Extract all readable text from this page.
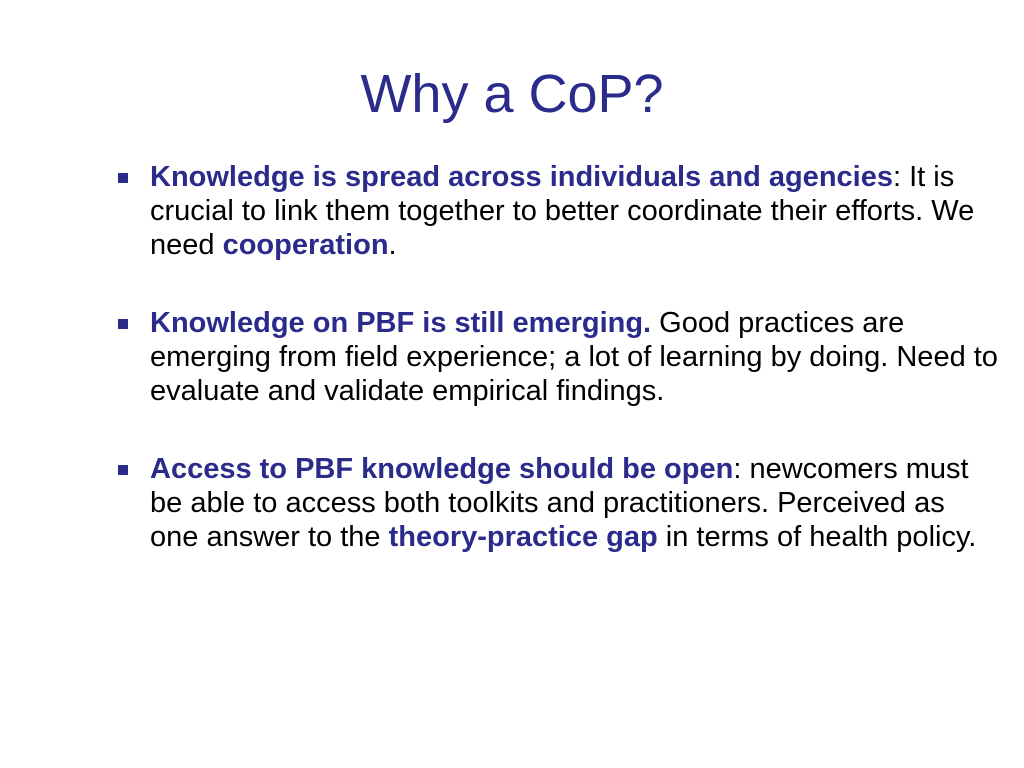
Why a CoP?
Knowledge is spread across individuals and agencies: It is crucial to link them together to better coordinate their efforts. We need cooperation.
Knowledge on PBF is still emerging. Good practices are emerging from field experience; a lot of learning by doing. Need to evaluate and validate empirical findings.
Access to PBF knowledge should be open: newcomers must be able to access both toolkits and practitioners. Perceived as one answer to the theory-practice gap in terms of health policy.
